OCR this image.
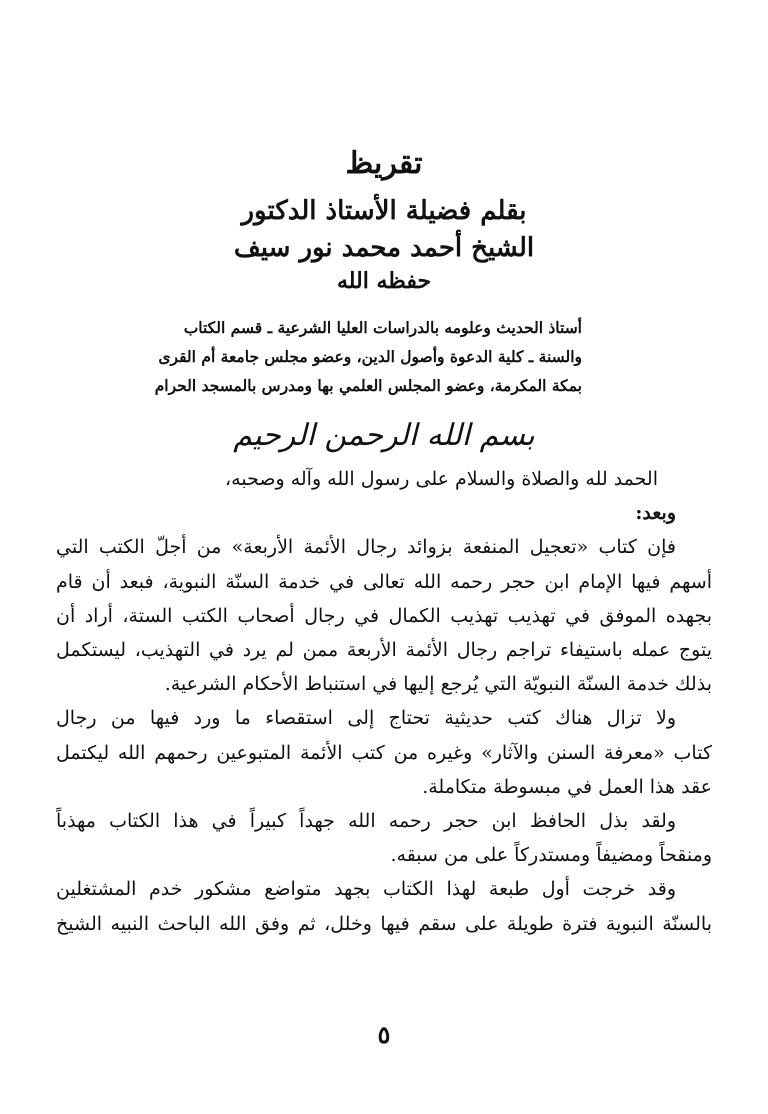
تقريظ
بقلم فضيلة الأستاذ الدكتور
الشيخ أحمد محمد نور سيف
حفظه الله
أستاذ الحديث وعلومه بالدراسات العليا الشرعية ـ قسم الكتاب
والسنة ـ كلية الدعوة وأصول الدين، وعضو مجلس جامعة أم القرى
بمكة المكرمة، وعضو المجلس العلمي بها ومدرس بالمسجد الحرام
بسم الله الرحمن الرحيم
الحمد لله والصلاة والسلام على رسول الله وآله وصحبه،
وبعد:
فإن كتاب «تعجيل المنفعة بزوائد رجال الأئمة الأربعة» من أجلّ الكتب التي
أسهم فيها الإمام ابن حجر رحمه الله تعالى في خدمة السنّة النبوية، فبعد أن قام
بجهده الموفق في تهذيب تهذيب الكمال في رجال أصحاب الكتب الستة، أراد أن
يتوج عمله باستيفاء تراجم رجال الأئمة الأربعة ممن لم يرد في التهذيب، ليستكمل
بذلك خدمة السنّة النبويّة التي يُرجع إليها في استنباط الأحكام الشرعية.
ولا تزال هناك كتب حديثية تحتاج إلى استقصاء ما ورد فيها من رجال
كتاب «معرفة السنن والآثار» وغيره من كتب الأئمة المتبوعين رحمهم الله ليكتمل
عقد هذا العمل في مبسوطة متكاملة.
ولقد بذل الحافظ ابن حجر رحمه الله جهداً كبيراً في هذا الكتاب مهذباً
ومنقحاً ومضيفاً ومستدركاً على من سبقه.
وقد خرجت أول طبعة لهذا الكتاب بجهد متواضع مشكور خدم المشتغلين
بالسنّة النبوية فترة طويلة على سقم فيها وخلل، ثم وفق الله الباحث النبيه الشيخ
٥
